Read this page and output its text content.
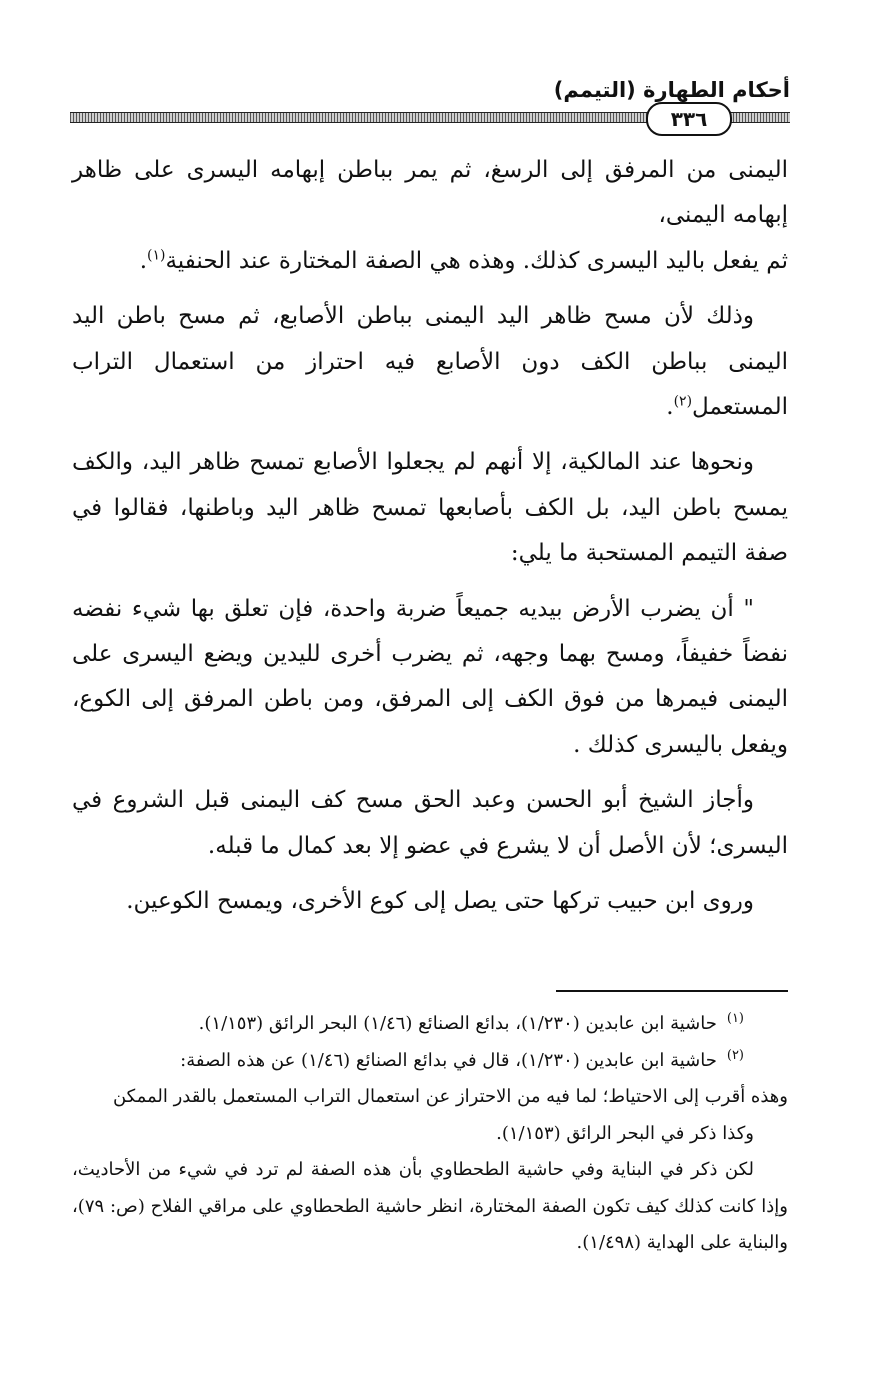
أحكام الطهارة (التيمم)
٣٣٦

اليمنى من المرفق إلى الرسغ، ثم يمر بباطن إبهامه اليسرى على ظاهر إبهامه اليمنى،
ثم يفعل باليد اليسرى كذلك. وهذه هي الصفة المختارة عند الحنفية$^{(١)}$.

وذلك لأن مسح ظاهر اليد اليمنى بباطن الأصابع، ثم مسح باطن اليد اليمنى بباطن الكف دون الأصابع فيه احتراز من استعمال التراب المستعمل$^{(٢)}$.

ونحوها عند المالكية، إلا أنهم لم يجعلوا الأصابع تمسح ظاهر اليد، والكف يمسح باطن اليد، بل الكف بأصابعها تمسح ظاهر اليد وباطنها، فقالوا في صفة التيمم المستحبة ما يلي:

" أن يضرب الأرض بيديه جميعاً ضربة واحدة، فإن تعلق بها شيء نفضه نفضاً خفيفاً، ومسح بهما وجهه، ثم يضرب أخرى لليدين ويضع اليسرى على اليمنى فيمرها من فوق الكف إلى المرفق، ومن باطن المرفق إلى الكوع، ويفعل باليسرى كذلك .

وأجاز الشيخ أبو الحسن وعبد الحق مسح كف اليمنى قبل الشروع في اليسرى؛ لأن الأصل أن لا يشرع في عضو إلا بعد كمال ما قبله.

وروى ابن حبيب تركها حتى يصل إلى كوع الأخرى، ويمسح الكوعين.

$^{(١)}$حاشية ابن عابدين (١/٢٣٠)، بدائع الصنائع (١/٤٦) البحر الرائق (١/١٥٣).

$^{(٢)}$حاشية ابن عابدين (١/٢٣٠)، قال في بدائع الصنائع (١/٤٦) عن هذه الصفة:

وهذه أقرب إلى الاحتياط؛ لما فيه من الاحتراز عن استعمال التراب المستعمل بالقدر الممكن

وكذا ذكر في البحر الرائق (١/١٥٣).

لكن ذكر في البناية وفي حاشية الطحطاوي بأن هذه الصفة لم ترد في شيء من الأحاديث، وإذا كانت كذلك كيف تكون الصفة المختارة، انظر حاشية الطحطاوي على مراقي الفلاح (ص: ٧٩)، والبناية على الهداية (١/٤٩٨).
